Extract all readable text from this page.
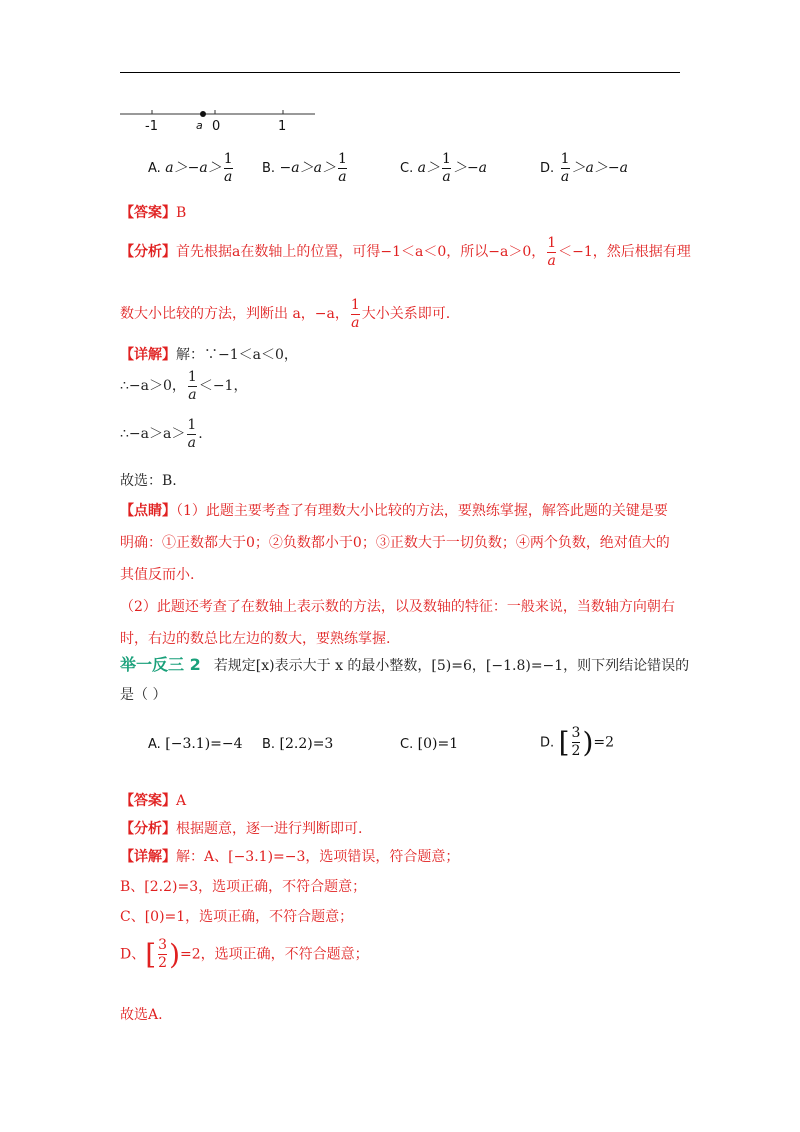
-1	a 0	1
A. $a>-a> \frac{1}{a} B$. $-a>a> \frac{1}{a}$	C. $a> \frac{1}{a} >-a$	D. $\frac{1}{a} >a>-a$
【答案】B
【分析】首先根据a在数轴上的位置，可得−1＜a＜0，所以−a＞0， $\frac{1}{a} <-1$，然后根据有理
数大小比较的方法，判断出 a，−a， $\frac{1}{a}$ 大小关系即可.
【详解】解：∵−1＜a＜0，
∴−a＞0， $\frac{1}{a} <-1$，
∴−a＞a＞ $\frac{1}{a}$ .
故选：B.
【点睛】（1）此题主要考查了有理数大小比较的方法，要熟练掌握，解答此题的关键是要
明确：①正数都大于0；②负数都小于0；③正数大于一切负数；④两个负数，绝对值大的
其值反而小.
（2）此题还考查了在数轴上表示数的方法，以及数轴的特征：一般来说，当数轴方向朝右
时，右边的数总比左边的数大，要熟练掌握.
举一反三 2 若规定[x)表示大于 x 的最小整数，[5)=6，[−1.8)=−1，则下列结论错误的
是（ ）
A. [−3.1)=−4 B. [2.2)=3	C. [0)=1	D. [ $\frac{3}{2} )=2$
【答案】A
【分析】根据题意，逐一进行判断即可.
【详解】解：A、[−3.1)=−3，选项错误，符合题意；
B、[2.2)=3，选项正确，不符合题意；
C、[0)=1，选项正确，不符合题意；
D、[ $\frac{3}{2} )=2$，选项正确，不符合题意；
故选A.
